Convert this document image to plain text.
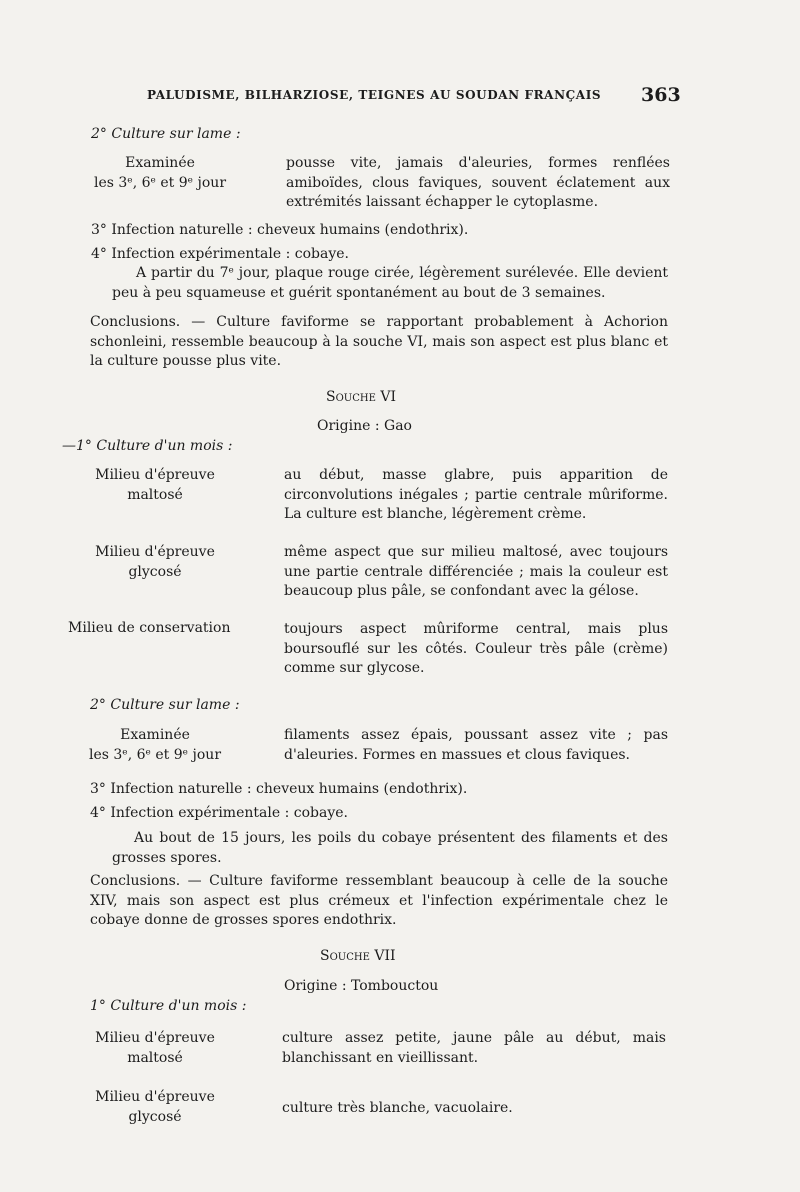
PALUDISME, BILHARZIOSE, TEIGNES AU SOUDAN FRANÇAIS 363
2° Culture sur lame :
Examinée
les 3ᵉ, 6ᵉ et 9ᵉ jour
pousse vite, jamais d'aleuries, formes renflées amiboïdes, clous faviques, souvent éclatement aux extrémités laissant échapper le cytoplasme.
3° Infection naturelle : cheveux humains (endothrix).
4° Infection expérimentale : cobaye.
A partir du 7ᵉ jour, plaque rouge cirée, légèrement surélevée. Elle devient peu à peu squameuse et guérit spontanément au bout de 3 semaines.
Conclusions. — Culture faviforme se rapportant probablement à Achorion schonleini, ressemble beaucoup à la souche VI, mais son aspect est plus blanc et la culture pousse plus vite.
Souche VI
Origine : Gao
—1° Culture d'un mois :
Milieu d'épreuve
maltosé
au début, masse glabre, puis apparition de circonvolutions inégales ; partie centrale mûriforme. La culture est blanche, légèrement crème.
Milieu d'épreuve
glycosé
même aspect que sur milieu maltosé, avec toujours une partie centrale différenciée ; mais la couleur est beaucoup plus pâle, se confondant avec la gélose.
Milieu de conservation	toujours aspect mûriforme central, mais plus boursouflé sur les côtés. Couleur très pâle (crème) comme sur glycose.
2° Culture sur lame :
Examinée
les 3ᵉ, 6ᵉ et 9ᵉ jour
filaments assez épais, poussant assez vite ; pas d'aleuries. Formes en massues et clous faviques.
3° Infection naturelle : cheveux humains (endothrix).
4° Infection expérimentale : cobaye.
Au bout de 15 jours, les poils du cobaye présentent des filaments et des grosses spores.
Conclusions. — Culture faviforme ressemblant beaucoup à celle de la souche XIV, mais son aspect est plus crémeux et l'infection expérimentale chez le cobaye donne de grosses spores endothrix.
Souche VII
Origine : Tombouctou
1° Culture d'un mois :
Milieu d'épreuve
maltosé
culture assez petite, jaune pâle au début, mais blanchissant en vieillissant.
Milieu d'épreuve
glycosé
culture très blanche, vacuolaire.
